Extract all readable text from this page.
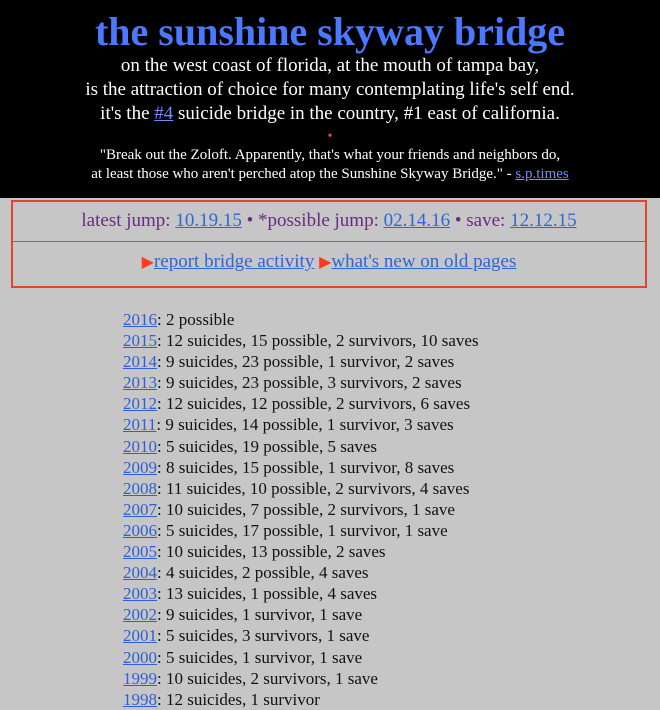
the sunshine skyway bridge

on the west coast of florida, at the mouth of tampa bay,

is the attraction of choice for many contemplating life's self end.

it's the #4 suicide bridge in the country, #1 east of california.

•

"Break out the Zoloft. Apparently, that's what your friends and neighbors do,

at least those who aren't perched atop the Sunshine Skyway Bridge." - s.p.times

latest jump: 10.19.15 • *possible jump: 02.14.16 • save: 12.12.15
▶report bridge activity ▶what's new on old pages
2016: 2 possible
2015: 12 suicides, 15 possible, 2 survivors, 10 saves
2014: 9 suicides, 23 possible, 1 survivor, 2 saves
2013: 9 suicides, 23 possible, 3 survivors, 2 saves
2012: 12 suicides, 12 possible, 2 survivors, 6 saves
2011: 9 suicides, 14 possible, 1 survivor, 3 saves
2010: 5 suicides, 19 possible, 5 saves
2009: 8 suicides, 15 possible, 1 survivor, 8 saves
2008: 11 suicides, 10 possible, 2 survivors, 4 saves
2007: 10 suicides, 7 possible, 2 survivors, 1 save
2006: 5 suicides, 17 possible, 1 survivor, 1 save
2005: 10 suicides, 13 possible, 2 saves
2004: 4 suicides, 2 possible, 4 saves
2003: 13 suicides, 1 possible, 4 saves
2002: 9 suicides, 1 survivor, 1 save
2001: 5 suicides, 3 survivors, 1 save
2000: 5 suicides, 1 survivor, 1 save
1999: 10 suicides, 2 survivors, 1 save
1998: 12 suicides, 1 survivor
